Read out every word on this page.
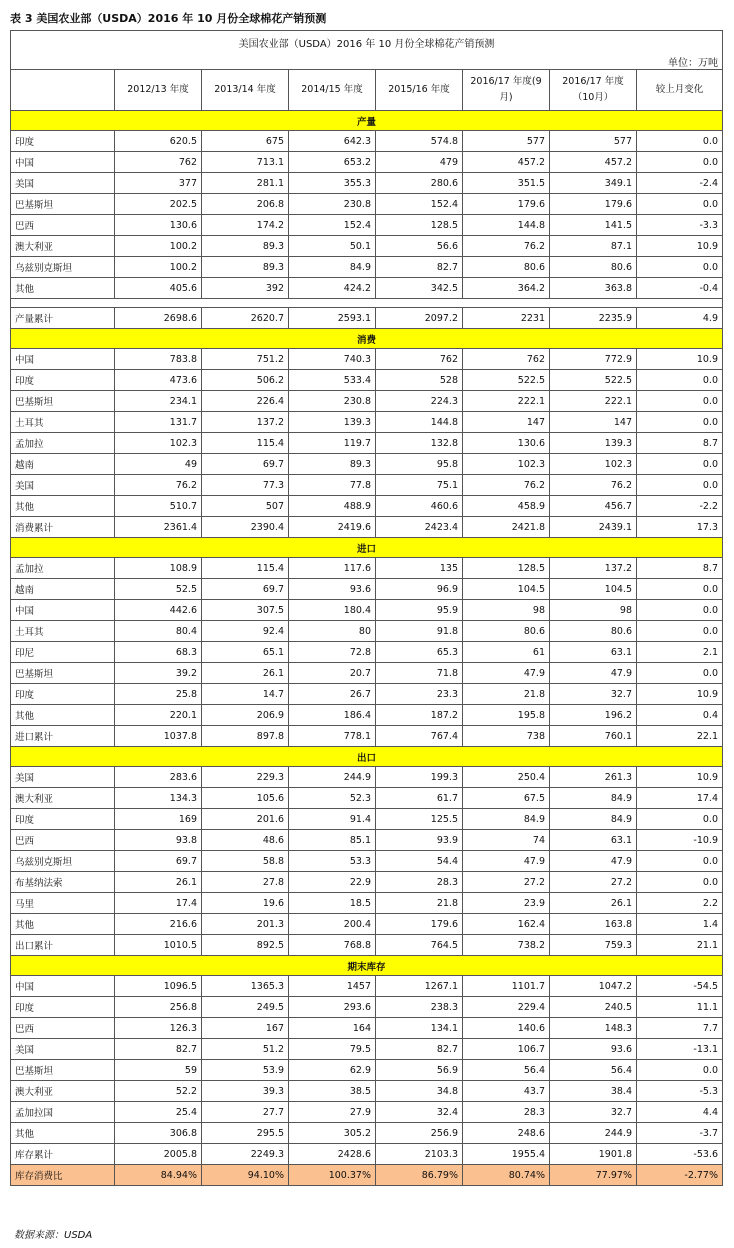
表 3 美国农业部（USDA）2016 年 10 月份全球棉花产销预测
美国农业部（USDA）2016 年 10 月份全球棉花产销预测							
单位：万吨							
	2012/13 年度	2013/14 年度	2014/15 年度	2015/16 年度	2016/17 年度(9月)	2016/17 年度（10月）	较上月变化
产量							
印度	620.5	675	642.3	574.8	577	577	0.0
中国	762	713.1	653.2	479	457.2	457.2	0.0
美国	377	281.1	355.3	280.6	351.5	349.1	-2.4
巴基斯坦	202.5	206.8	230.8	152.4	179.6	179.6	0.0
巴西	130.6	174.2	152.4	128.5	144.8	141.5	-3.3
澳大利亚	100.2	89.3	50.1	56.6	76.2	87.1	10.9
乌兹别克斯坦	100.2	89.3	84.9	82.7	80.6	80.6	0.0
其他	405.6	392	424.2	342.5	364.2	363.8	-0.4

产量累计	2698.6	2620.7	2593.1	2097.2	2231	2235.9	4.9
消费							
中国	783.8	751.2	740.3	762	762	772.9	10.9
印度	473.6	506.2	533.4	528	522.5	522.5	0.0
巴基斯坦	234.1	226.4	230.8	224.3	222.1	222.1	0.0
土耳其	131.7	137.2	139.3	144.8	147	147	0.0
孟加拉	102.3	115.4	119.7	132.8	130.6	139.3	8.7
越南	49	69.7	89.3	95.8	102.3	102.3	0.0
美国	76.2	77.3	77.8	75.1	76.2	76.2	0.0
其他	510.7	507	488.9	460.6	458.9	456.7	-2.2
消费累计	2361.4	2390.4	2419.6	2423.4	2421.8	2439.1	17.3
进口							
孟加拉	108.9	115.4	117.6	135	128.5	137.2	8.7
越南	52.5	69.7	93.6	96.9	104.5	104.5	0.0
中国	442.6	307.5	180.4	95.9	98	98	0.0
土耳其	80.4	92.4	80	91.8	80.6	80.6	0.0
印尼	68.3	65.1	72.8	65.3	61	63.1	2.1
巴基斯坦	39.2	26.1	20.7	71.8	47.9	47.9	0.0
印度	25.8	14.7	26.7	23.3	21.8	32.7	10.9
其他	220.1	206.9	186.4	187.2	195.8	196.2	0.4
进口累计	1037.8	897.8	778.1	767.4	738	760.1	22.1
出口							
美国	283.6	229.3	244.9	199.3	250.4	261.3	10.9
澳大利亚	134.3	105.6	52.3	61.7	67.5	84.9	17.4
印度	169	201.6	91.4	125.5	84.9	84.9	0.0
巴西	93.8	48.6	85.1	93.9	74	63.1	-10.9
乌兹别克斯坦	69.7	58.8	53.3	54.4	47.9	47.9	0.0
布基纳法索	26.1	27.8	22.9	28.3	27.2	27.2	0.0
马里	17.4	19.6	18.5	21.8	23.9	26.1	2.2
其他	216.6	201.3	200.4	179.6	162.4	163.8	1.4
出口累计	1010.5	892.5	768.8	764.5	738.2	759.3	21.1
期末库存							
中国	1096.5	1365.3	1457	1267.1	1101.7	1047.2	-54.5
印度	256.8	249.5	293.6	238.3	229.4	240.5	11.1
巴西	126.3	167	164	134.1	140.6	148.3	7.7
美国	82.7	51.2	79.5	82.7	106.7	93.6	-13.1
巴基斯坦	59	53.9	62.9	56.9	56.4	56.4	0.0
澳大利亚	52.2	39.3	38.5	34.8	43.7	38.4	-5.3
孟加拉国	25.4	27.7	27.9	32.4	28.3	32.7	4.4
其他	306.8	295.5	305.2	256.9	248.6	244.9	-3.7
库存累计	2005.8	2249.3	2428.6	2103.3	1955.4	1901.8	-53.6
库存消费比	84.94%	94.10%	100.37%	86.79%	80.74%	77.97%	-2.77%
数据来源：USDA
